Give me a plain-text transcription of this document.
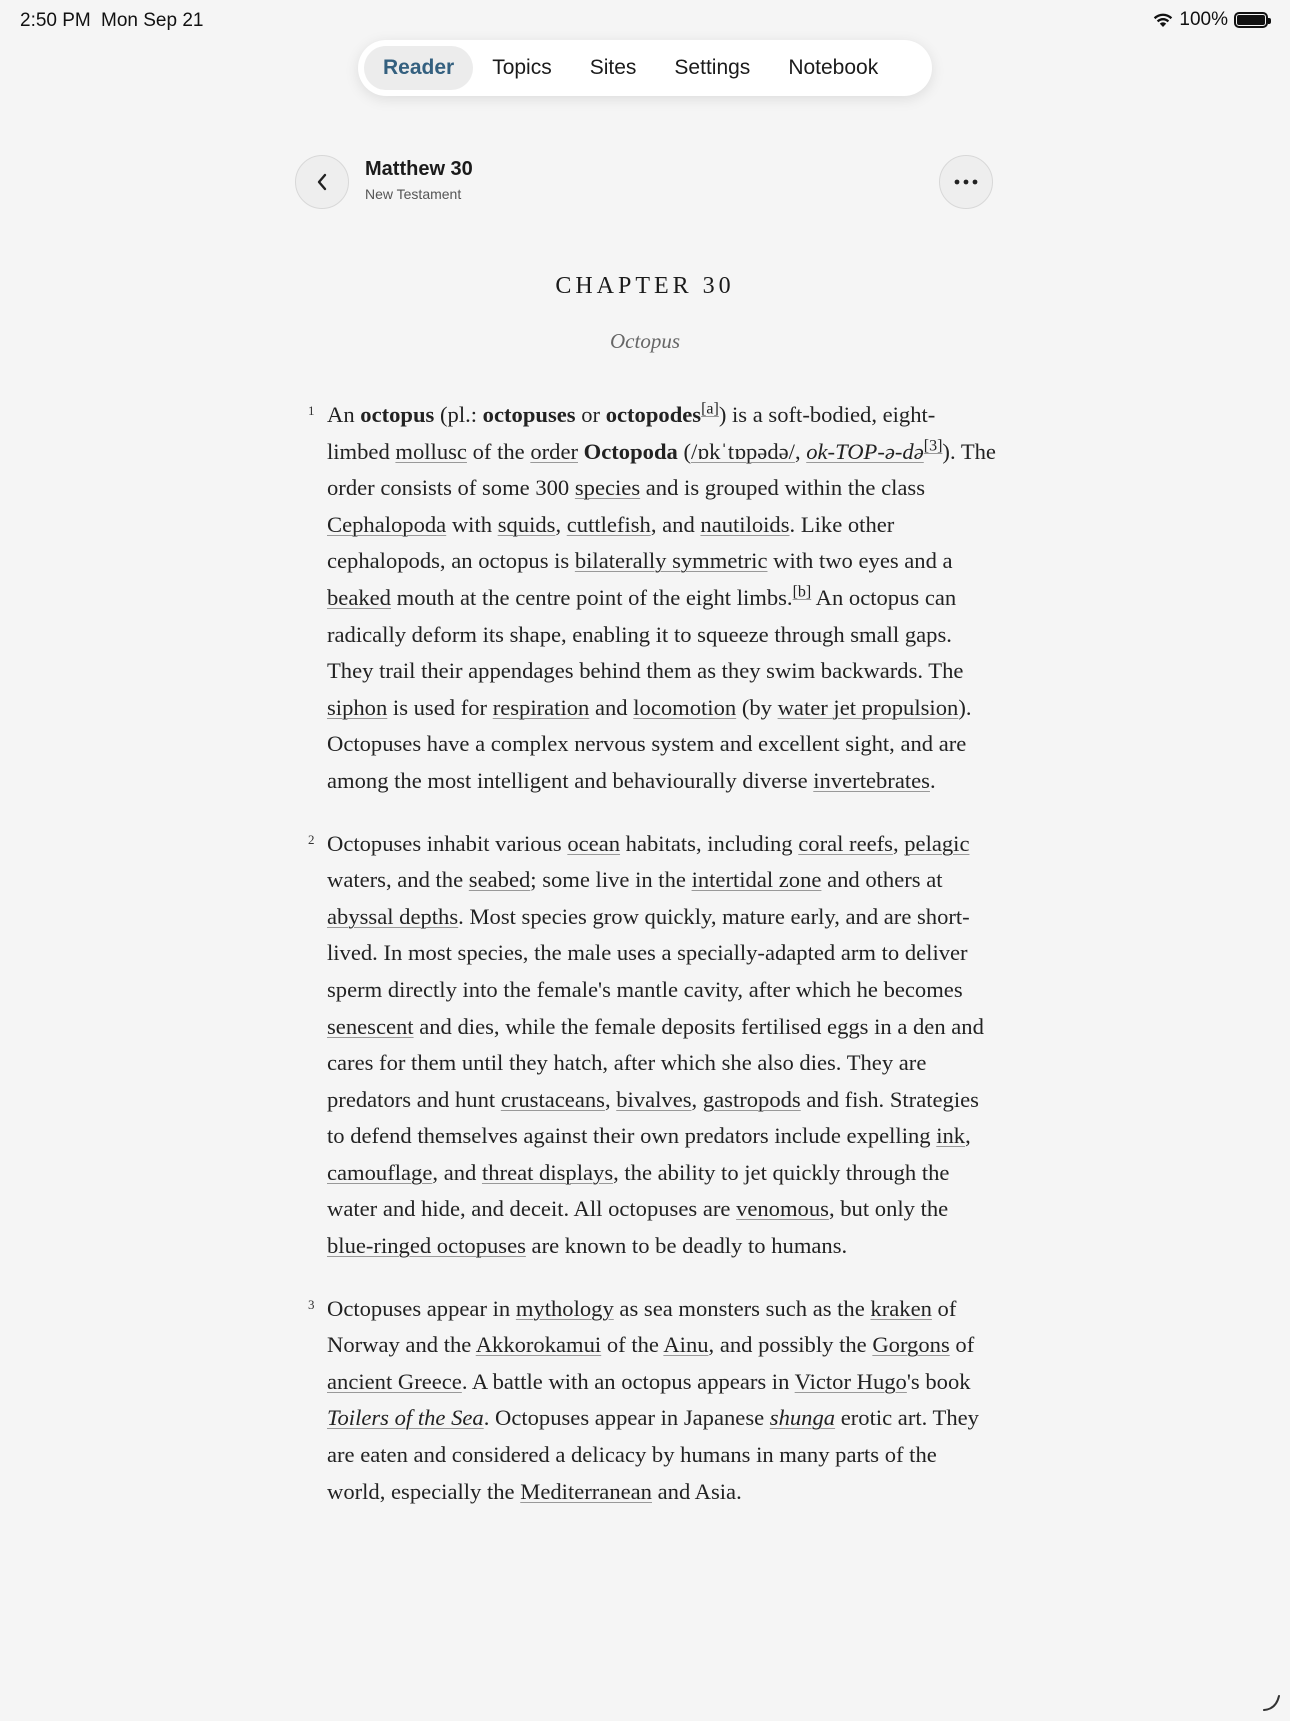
2:50 PM Mon Sep 21	100%
Reader	Topics	Sites	Settings	Notebook
Matthew 30
New Testament
CHAPTER 30
Octopus
1 An octopus (pl.: octopuses or octopodes[a]) is a soft-bodied, eight-limbed mollusc of the order Octopoda (/ɒkˈtɒpədə/, ok-TOP-ə-də[3]). The order consists of some 300 species and is grouped within the class Cephalopoda with squids, cuttlefish, and nautiloids. Like other cephalopods, an octopus is bilaterally symmetric with two eyes and a beaked mouth at the centre point of the eight limbs.[b] An octopus can radically deform its shape, enabling it to squeeze through small gaps. They trail their appendages behind them as they swim backwards. The siphon is used for respiration and locomotion (by water jet propulsion). Octopuses have a complex nervous system and excellent sight, and are among the most intelligent and behaviourally diverse invertebrates.
2 Octopuses inhabit various ocean habitats, including coral reefs, pelagic waters, and the seabed; some live in the intertidal zone and others at abyssal depths. Most species grow quickly, mature early, and are short-lived. In most species, the male uses a specially-adapted arm to deliver sperm directly into the female's mantle cavity, after which he becomes senescent and dies, while the female deposits fertilised eggs in a den and cares for them until they hatch, after which she also dies. They are predators and hunt crustaceans, bivalves, gastropods and fish. Strategies to defend themselves against their own predators include expelling ink, camouflage, and threat displays, the ability to jet quickly through the water and hide, and deceit. All octopuses are venomous, but only the blue-ringed octopuses are known to be deadly to humans.
3 Octopuses appear in mythology as sea monsters such as the kraken of Norway and the Akkorokamui of the Ainu, and possibly the Gorgons of ancient Greece. A battle with an octopus appears in Victor Hugo's book Toilers of the Sea. Octopuses appear in Japanese shunga erotic art. They are eaten and considered a delicacy by humans in many parts of the world, especially the Mediterranean and Asia.
